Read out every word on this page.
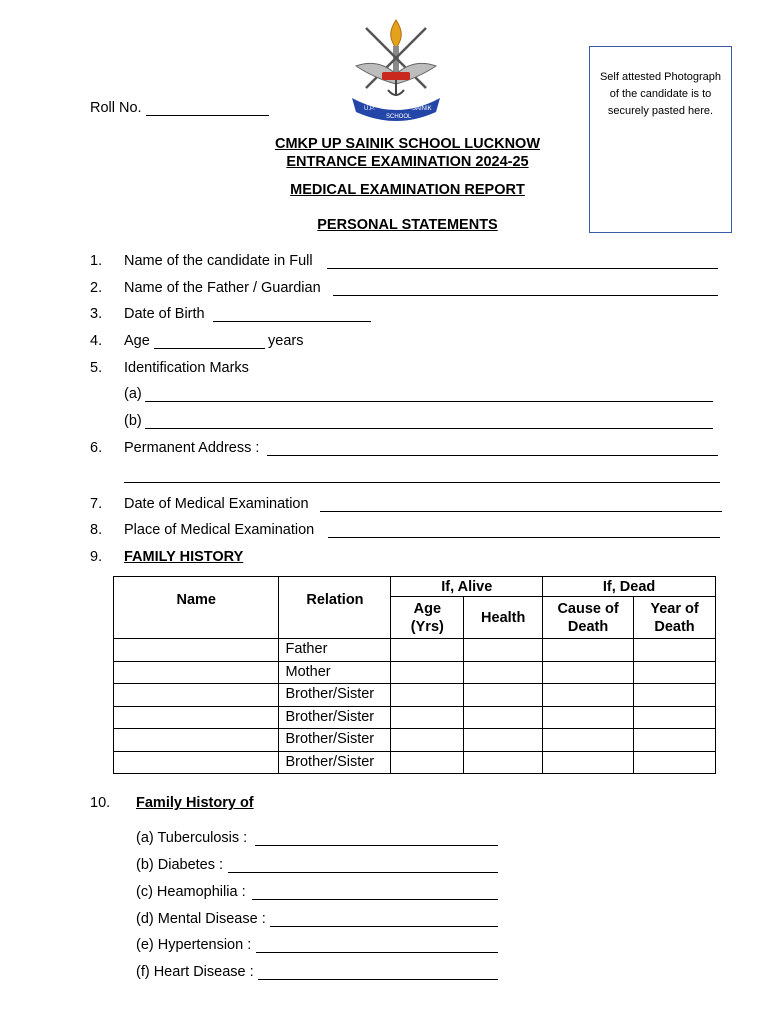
U.P.
SCHOOL
SAINIK
Self attested Photograph of the candidate is to securely pasted here.
Roll No.
CMKP UP SAINIK SCHOOL LUCKNOW
ENTRANCE EXAMINATION 2024-25
MEDICAL EXAMINATION REPORT
PERSONAL STATEMENTS
1. Name of the candidate in Full
2. Name of the Father / Guardian
3. Date of Birth
4. Age	years
5. Identification Marks
(a)
(b)
6. Permanent Address :
7. Date of Medical Examination
8. Place of Medical Examination
9. FAMILY HISTORY
Name	Relation	If, Alive		If, Dead	
		Age (Yrs)	Health	Cause of Death	Year of Death
	Father				
	Mother				
	Brother/Sister				
	Brother/Sister				
	Brother/Sister				
	Brother/Sister				
10. Family History of
(a) Tuberculosis :
(b) Diabetes :
(c) Heamophilia :
(d) Mental Disease :
(e) Hypertension :
(f) Heart Disease :
